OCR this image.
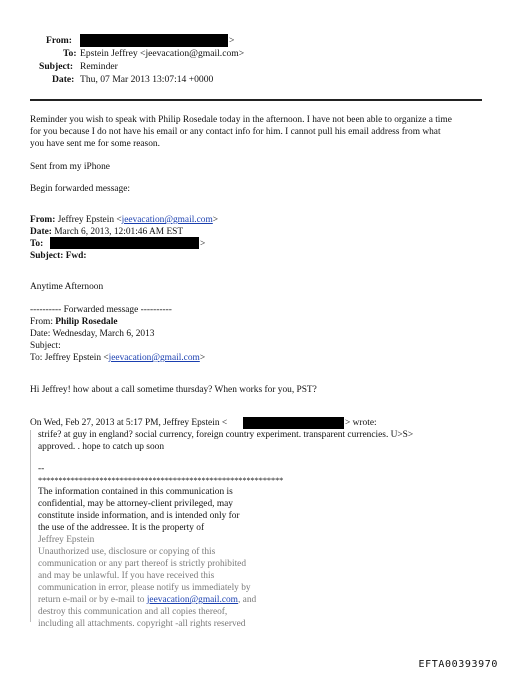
From:	>
To: Epstein Jeffrey <jeevacation@gmail.com>
Subject: Reminder
Date: Thu, 07 Mar 2013 13:07:14 +0000
Reminder you wish to speak with Philip Rosedale today in the afternoon. I have not been able to organize a time
for you because I do not have his email or any contact info for him. I cannot pull his email address from what
you have sent me for some reason.
Sent from my iPhone
Begin forwarded message:
From: Jeffrey Epstein <jeevacation@gmail.com>
Date: March 6, 2013, 12:01:46 AM EST
To:	>
Subject: Fwd:
Anytime Afternoon
---------- Forwarded message ----------
From: Philip Rosedale
Date: Wednesday, March 6, 2013
Subject:
To: Jeffrey Epstein <jeevacation@gmail.com>
Hi Jeffrey! how about a call sometime thursday? When works for you, PST?
On Wed, Feb 27, 2013 at 5:17 PM, Jeffrey Epstein <	> wrote:
strife? at guy in england? social currency, foreign country experiment. transparent currencies. U>S>
approved. . hope to catch up soon
--
************************************************************
The information contained in this communication is
confidential, may be attorney-client privileged, may
constitute inside information, and is intended only for
the use of the addressee. It is the property of
Jeffrey Epstein
Unauthorized use, disclosure or copying of this
communication or any part thereof is strictly prohibited
and may be unlawful. If you have received this
communication in error, please notify us immediately by
return e-mail or by e-mail to jeevacation@gmail.com, and
destroy this communication and all copies thereof,
including all attachments. copyright -all rights reserved
EFTA00393970
